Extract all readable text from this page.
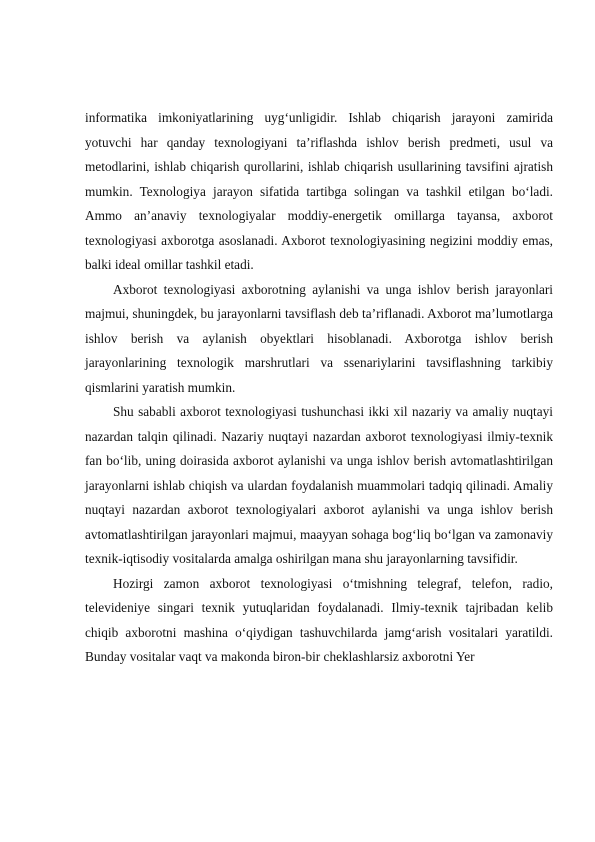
informatika imkoniyatlarining uyg‘unligidir. Ishlab chiqarish jarayoni zamirida yotuvchi har qanday texnologiyani ta’riflashda ishlov berish predmeti, usul va metodlarini, ishlab chiqarish qurollarini, ishlab chiqarish usullarining tavsifini ajratish mumkin. Texnologiya jarayon sifatida tartibga solingan va tashkil etilgan bo‘ladi. Ammo an’anaviy texnologiyalar moddiy-energetik omillarga tayansa, axborot texnologiyasi axborotga asoslanadi. Axborot texnologiyasining negizini moddiy emas, balki ideal omillar tashkil etadi.

Axborot texnologiyasi axborotning aylanishi va unga ishlov berish jarayonlari majmui, shuningdek, bu jarayonlarni tavsiflash deb ta’riflanadi. Axborot ma’lumotlarga ishlov berish va aylanish obyektlari hisoblanadi. Axborotga ishlov berish jarayonlarining texnologik marshrutlari va ssenariylarini tavsiflashning tarkibiy qismlarini yaratish mumkin.

Shu sababli axborot texnologiyasi tushunchasi ikki xil nazariy va amaliy nuqtayi nazardan talqin qilinadi. Nazariy nuqtayi nazardan axborot texnologiyasi ilmiy-texnik fan bo‘lib, uning doirasida axborot aylanishi va unga ishlov berish avtomatlashtirilgan jarayonlarni ishlab chiqish va ulardan foydalanish muammolari tadqiq qilinadi. Amaliy nuqtayi nazardan axborot texnologiyalari axborot aylanishi va unga ishlov berish avtomatlashtirilgan jarayonlari majmui, maayyan sohaga bog‘liq bo‘lgan va zamonaviy texnik-iqtisodiy vositalarda amalga oshirilgan mana shu jarayonlarning tavsifidir.

Hozirgi zamon axborot texnologiyasi o‘tmishning telegraf, telefon, radio, televideniye singari texnik yutuqlaridan foydalanadi. Ilmiy-texnik tajribadan kelib chiqib axborotni mashina o‘qiydigan tashuvchilarda jamg‘arish vositalari yaratildi. Bunday vositalar vaqt va makonda biron-bir cheklashlarsiz axborotni Yer
